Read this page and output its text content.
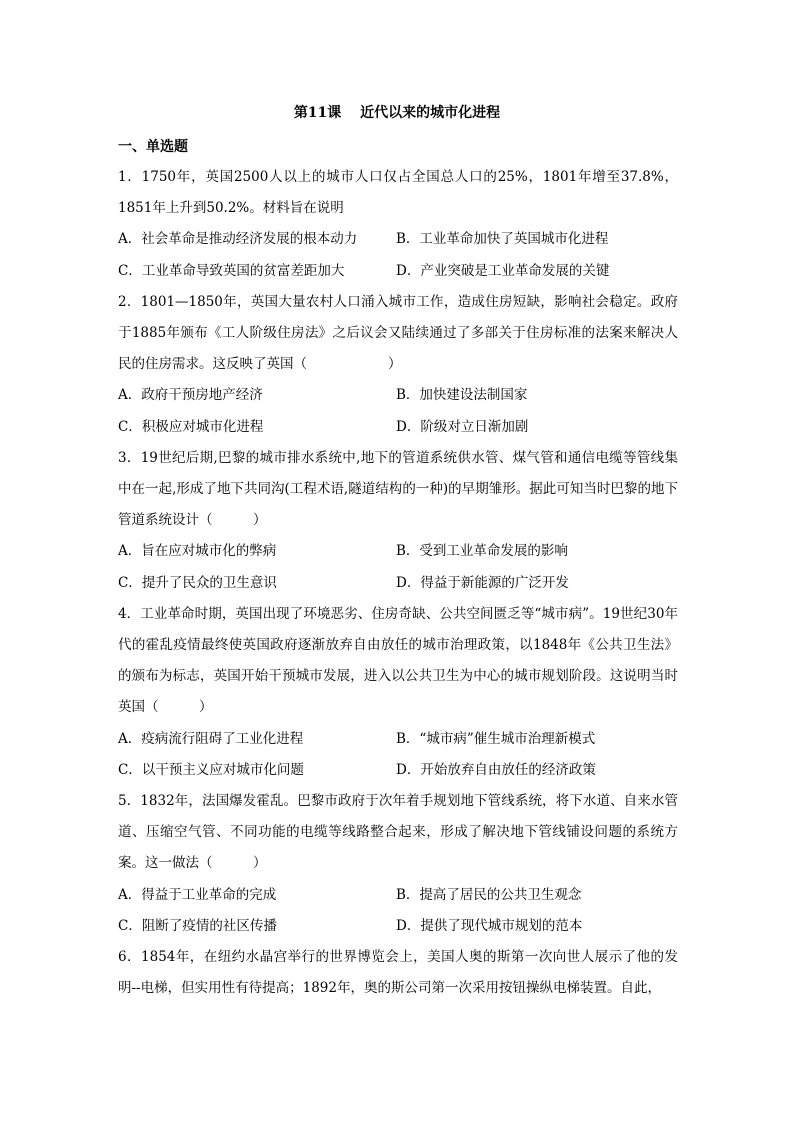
第11课　 近代以来的城市化进程
一、单选题

1．1750年，英国2500人以上的城市人口仅占全国总人口的25%，1801年增至37.8%，1851年上升到50.2%。材料旨在说明

A．社会革命是推动经济发展的根本动力	B．工业革命加快了英国城市化进程
C．工业革命导致英国的贫富差距加大	D．产业突破是工业革命发展的关键

2．1801—1850年，英国大量农村人口涌入城市工作，造成住房短缺，影响社会稳定。政府于1885年颁布《工人阶级住房法》之后议会又陆续通过了多部关于住房标准的法案来解决人民的住房需求。这反映了英国（　　　　　　）

A．政府干预房地产经济	B．加快建设法制国家
C．积极应对城市化进程	D．阶级对立日渐加剧

3．19世纪后期,巴黎的城市排水系统中,地下的管道系统供水管、煤气管和通信电缆等管线集中在一起,形成了地下共同沟(工程术语,隧道结构的一种)的早期雏形。据此可知当时巴黎的地下管道系统设计（　　　）

A．旨在应对城市化的弊病	B．受到工业革命发展的影响
C．提升了民众的卫生意识	D．得益于新能源的广泛开发

4．工业革命时期，英国出现了环境恶劣、住房奇缺、公共空间匮乏等“城市病”。19世纪30年代的霍乱疫情最终使英国政府逐渐放弃自由放任的城市治理政策，以1848年《公共卫生法》的颁布为标志，英国开始干预城市发展，进入以公共卫生为中心的城市规划阶段。这说明当时英国（　　　）

A．疫病流行阻碍了工业化进程	B．“城市病”催生城市治理新模式
C．以干预主义应对城市化问题	D．开始放弃自由放任的经济政策

5．1832年，法国爆发霍乱。巴黎市政府于次年着手规划地下管线系统，将下水道、自来水管道、压缩空气管、不同功能的电缆等线路整合起来，形成了解决地下管线铺设问题的系统方案。这一做法（　　　）

A．得益于工业革命的完成	B．提高了居民的公共卫生观念
C．阻断了疫情的社区传播	D．提供了现代城市规划的范本

6．1854年，在纽约水晶宫举行的世界博览会上，美国人奥的斯第一次向世人展示了他的发明--电梯，但实用性有待提高；1892年，奥的斯公司第一次采用按钮操纵电梯装置。自此，
